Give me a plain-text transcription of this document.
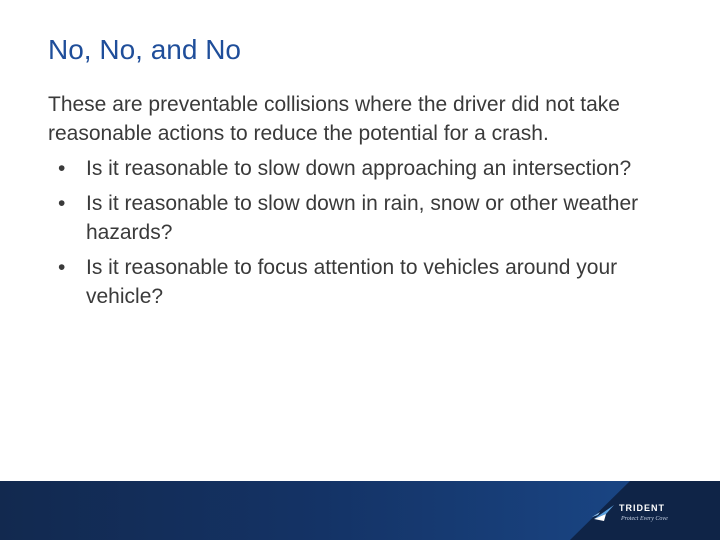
No, No, and No

These are preventable collisions where the driver did not take reasonable actions to reduce the potential for a crash.

• Is it reasonable to slow down approaching an intersection?
• Is it reasonable to slow down in rain, snow or other weather hazards?
• Is it reasonable to focus attention to vehicles around your vehicle?
TRIDENT
Protect Every Cove
